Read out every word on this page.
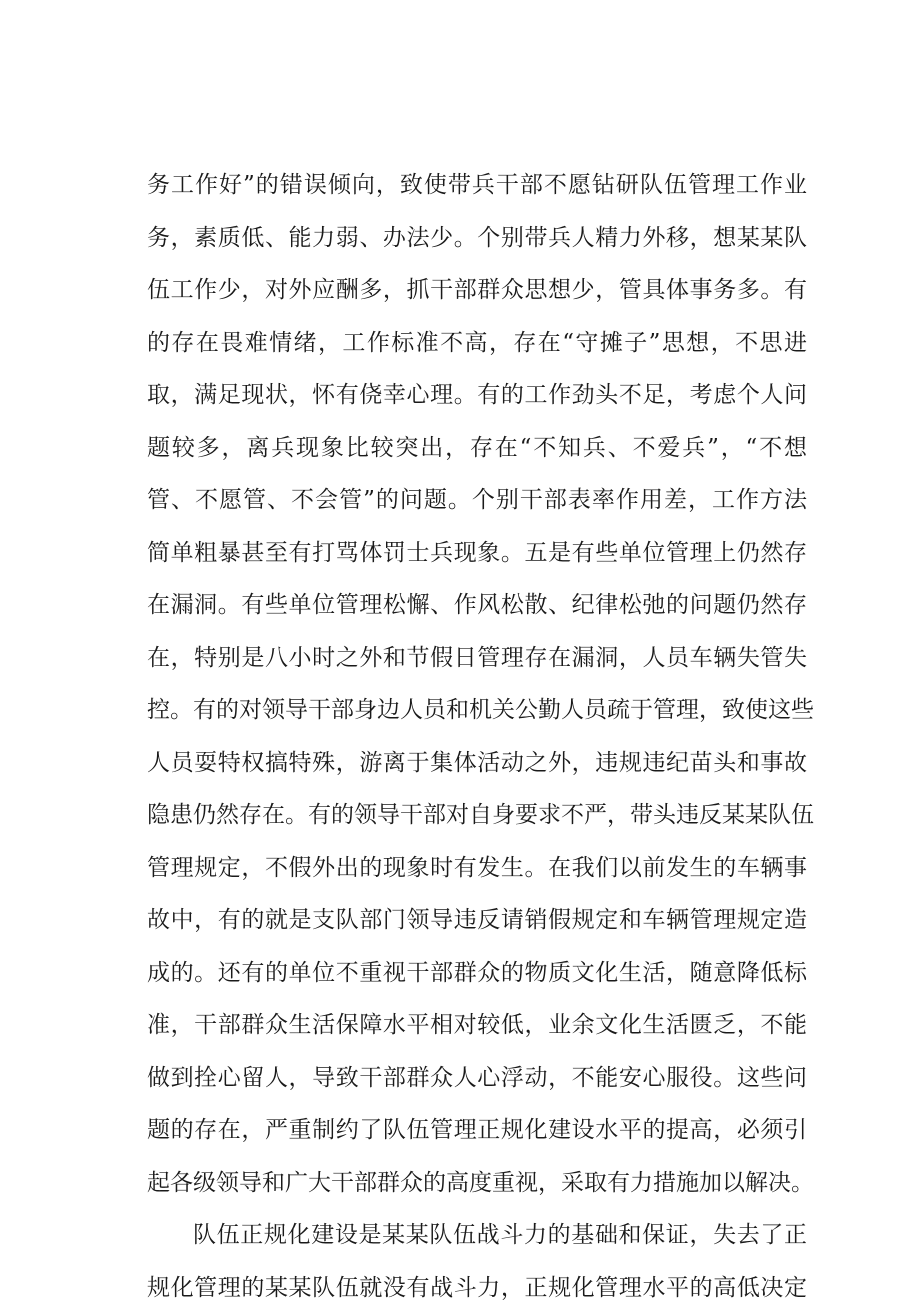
务工作好”的错误倾向，致使带兵干部不愿钻研队伍管理工作业
务，素质低、能力弱、办法少。个别带兵人精力外移，想某某队
伍工作少，对外应酬多，抓干部群众思想少，管具体事务多。有
的存在畏难情绪，工作标准不高，存在“守摊子”思想，不思进
取，满足现状，怀有侥幸心理。有的工作劲头不足，考虑个人问
题较多，离兵现象比较突出，存在“不知兵、不爱兵”，“不想
管、不愿管、不会管”的问题。个别干部表率作用差，工作方法
简单粗暴甚至有打骂体罚士兵现象。五是有些单位管理上仍然存
在漏洞。有些单位管理松懈、作风松散、纪律松弛的问题仍然存
在，特别是八小时之外和节假日管理存在漏洞，人员车辆失管失
控。有的对领导干部身边人员和机关公勤人员疏于管理，致使这些
人员耍特权搞特殊，游离于集体活动之外，违规违纪苗头和事故
隐患仍然存在。有的领导干部对自身要求不严，带头违反某某队伍
管理规定，不假外出的现象时有发生。在我们以前发生的车辆事
故中，有的就是支队部门领导违反请销假规定和车辆管理规定造
成的。还有的单位不重视干部群众的物质文化生活，随意降低标
准，干部群众生活保障水平相对较低，业余文化生活匮乏，不能
做到拴心留人，导致干部群众人心浮动，不能安心服役。这些问
题的存在，严重制约了队伍管理正规化建设水平的提高，必须引
起各级领导和广大干部群众的高度重视，采取有力措施加以解决。
队伍正规化建设是某某队伍战斗力的基础和保证，失去了正
规化管理的某某队伍就没有战斗力，正规化管理水平的高低决定
